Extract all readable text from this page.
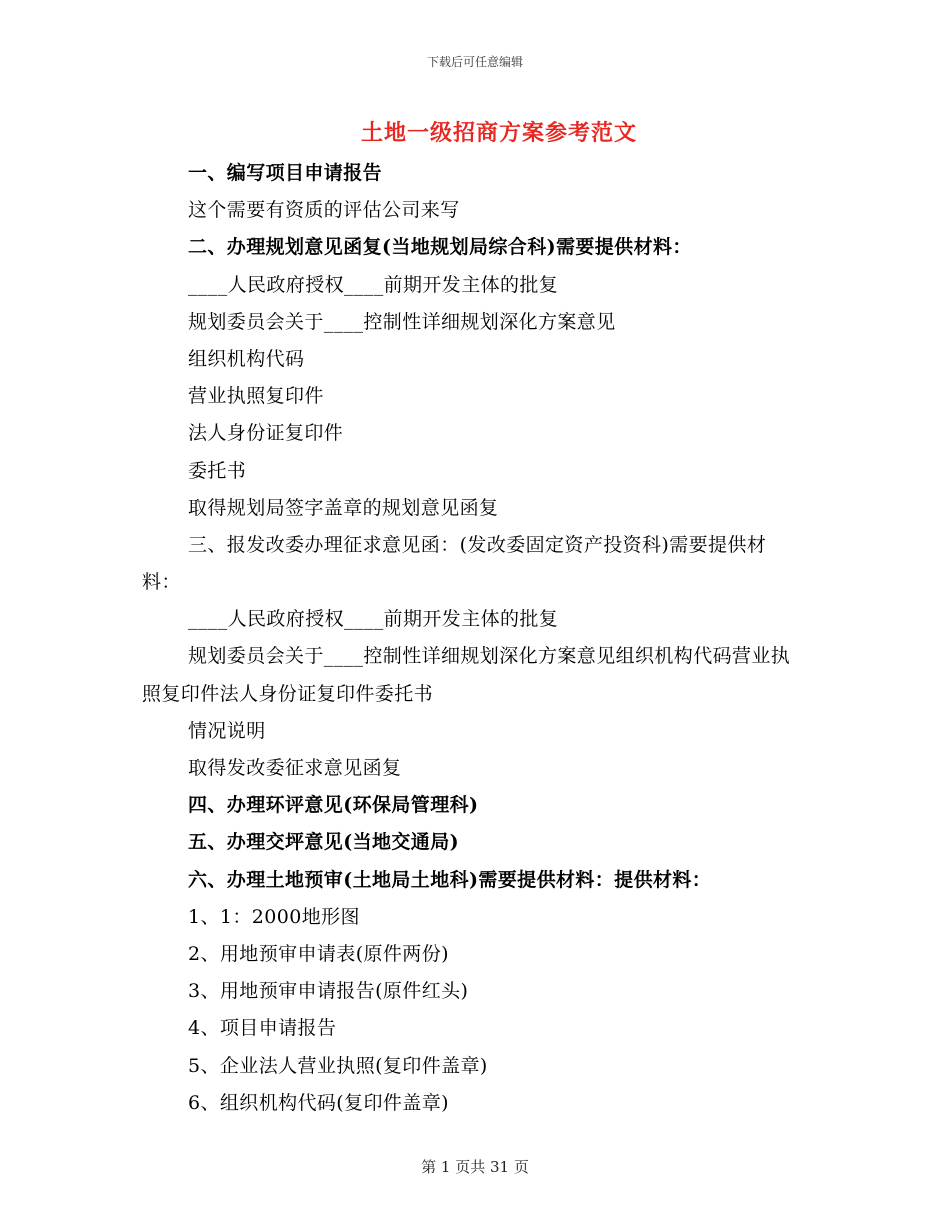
下载后可任意编辑
土地一级招商方案参考范文
一、编写项目申请报告
这个需要有资质的评估公司来写
二、办理规划意见函复(当地规划局综合科)需要提供材料：
____人民政府授权____前期开发主体的批复
规划委员会关于____控制性详细规划深化方案意见
组织机构代码
营业执照复印件
法人身份证复印件
委托书
取得规划局签字盖章的规划意见函复
三、报发改委办理征求意见函：(发改委固定资产投资科)需要提供材料：
____人民政府授权____前期开发主体的批复
规划委员会关于____控制性详细规划深化方案意见组织机构代码营业执照复印件法人身份证复印件委托书
情况说明
取得发改委征求意见函复
四、办理环评意见(环保局管理科)
五、办理交坪意见(当地交通局)
六、办理土地预审(土地局土地科)需要提供材料：提供材料：
1、1：2000地形图
2、用地预审申请表(原件两份)
3、用地预审申请报告(原件红头)
4、项目申请报告
5、企业法人营业执照(复印件盖章)
6、组织机构代码(复印件盖章)
第 1 页共 31 页
